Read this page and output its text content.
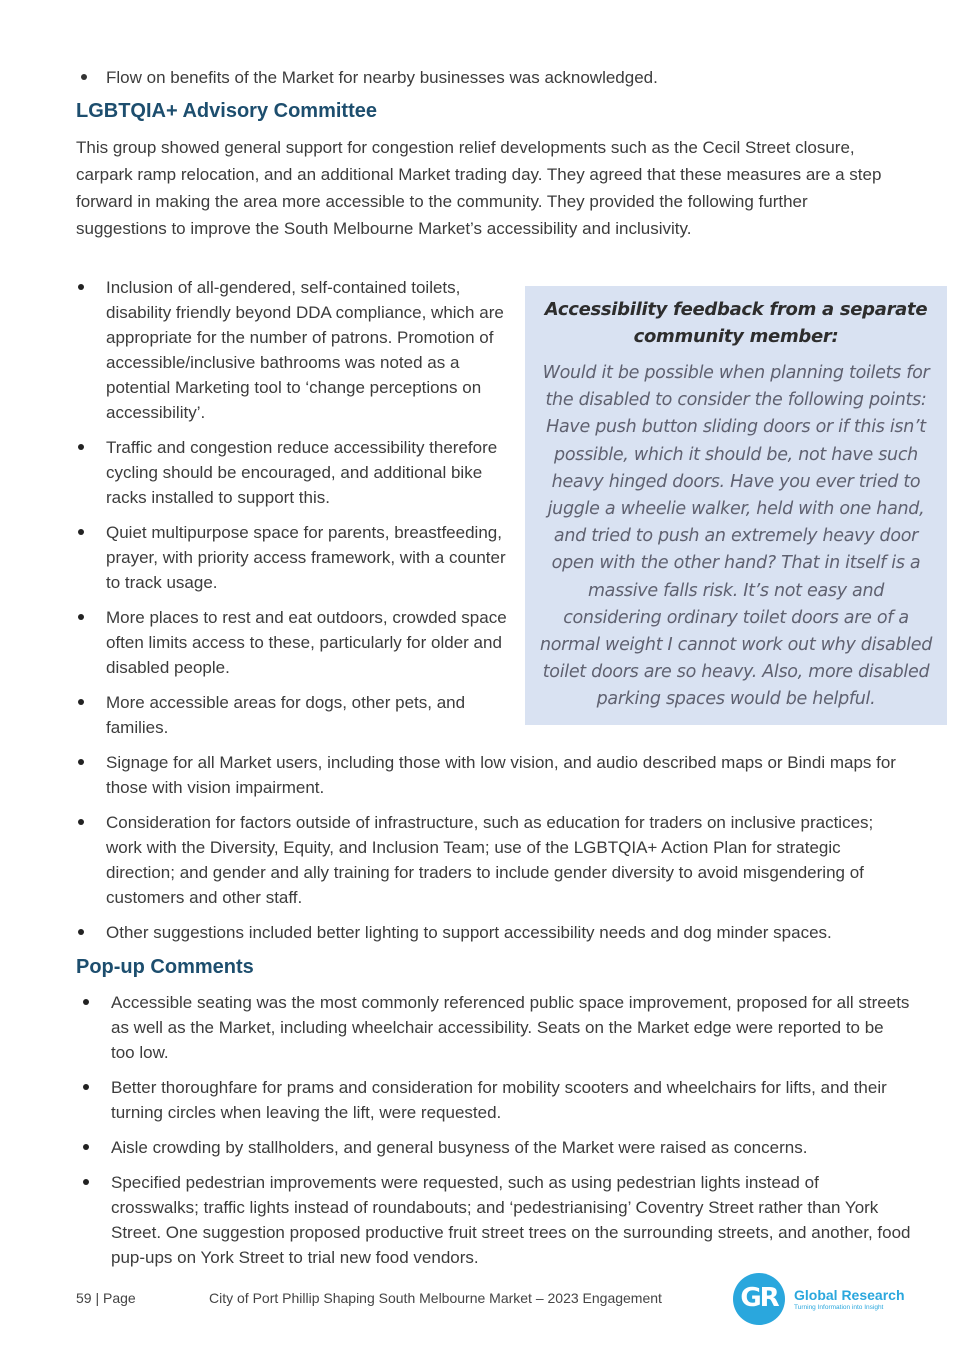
Flow on benefits of the Market for nearby businesses was acknowledged.
LGBTQIA+ Advisory Committee
This group showed general support for congestion relief developments such as the Cecil Street closure, carpark ramp relocation, and an additional Market trading day. They agreed that these measures are a step forward in making the area more accessible to the community. They provided the following further suggestions to improve the South Melbourne Market’s accessibility and inclusivity.
Inclusion of all-gendered, self-contained toilets, disability friendly beyond DDA compliance, which are appropriate for the number of patrons. Promotion of accessible/inclusive bathrooms was noted as a potential Marketing tool to ‘change perceptions on accessibility’.
Traffic and congestion reduce accessibility therefore cycling should be encouraged, and additional bike racks installed to support this.
Quiet multipurpose space for parents, breastfeeding, prayer, with priority access framework, with a counter to track usage.
More places to rest and eat outdoors, crowded space often limits access to these, particularly for older and disabled people.
More accessible areas for dogs, other pets, and families.
Accessibility feedback from a separate community member:
Would it be possible when planning toilets for the disabled to consider the following points: Have push button sliding doors or if this isn’t possible, which it should be, not have such heavy hinged doors. Have you ever tried to juggle a wheelie walker, held with one hand, and tried to push an extremely heavy door open with the other hand? That in itself is a massive falls risk. It’s not easy and considering ordinary toilet doors are of a normal weight I cannot work out why disabled toilet doors are so heavy. Also, more disabled parking spaces would be helpful.
Signage for all Market users, including those with low vision, and audio described maps or Bindi maps for those with vision impairment.
Consideration for factors outside of infrastructure, such as education for traders on inclusive practices; work with the Diversity, Equity, and Inclusion Team; use of the LGBTQIA+ Action Plan for strategic direction; and gender and ally training for traders to include gender diversity to avoid misgendering of customers and other staff.
Other suggestions included better lighting to support accessibility needs and dog minder spaces.
Pop-up Comments
Accessible seating was the most commonly referenced public space improvement, proposed for all streets as well as the Market, including wheelchair accessibility. Seats on the Market edge were reported to be too low.
Better thoroughfare for prams and consideration for mobility scooters and wheelchairs for lifts, and their turning circles when leaving the lift, were requested.
Aisle crowding by stallholders, and general busyness of the Market were raised as concerns.
Specified pedestrian improvements were requested, such as using pedestrian lights instead of crosswalks; traffic lights instead of roundabouts; and ‘pedestrianising’ Coventry Street rather than York Street. One suggestion proposed productive fruit street trees on the surrounding streets, and another, food pup-ups on York Street to trial new food vendors.
59 | Page	City of Port Phillip Shaping South Melbourne Market – 2023 Engagement	GR	Global Research
Turning Information into Insight
